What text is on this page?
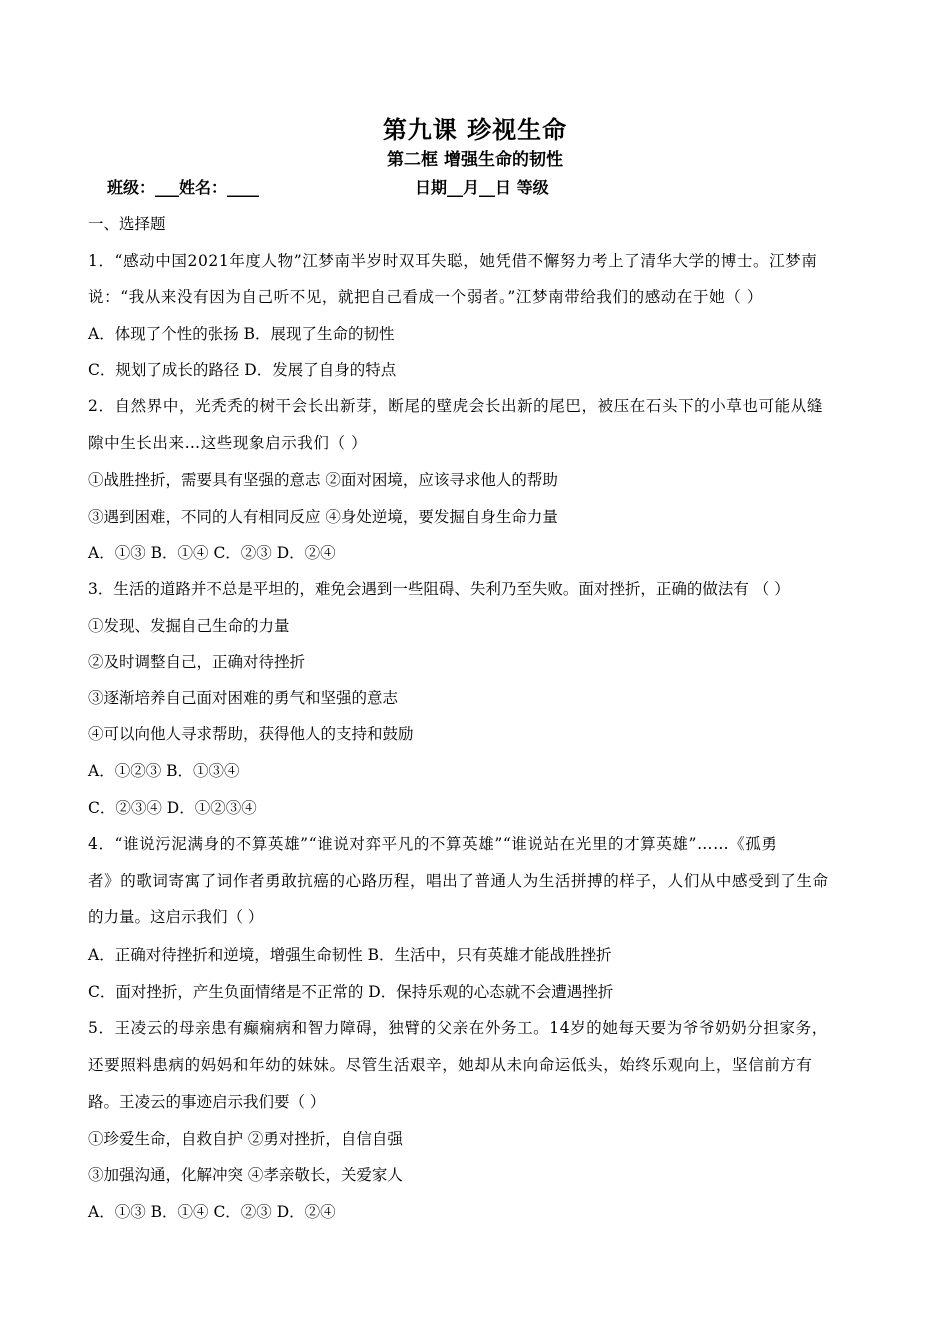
第九课 珍视生命
第二框 增强生命的韧性
班级：___姓名：____	日期__月__日 等级
一、选择题
1．“感动中国2021年度人物”江梦南半岁时双耳失聪，她凭借不懈努力考上了清华大学的博士。江梦南
说：“我从来没有因为自己听不见，就把自己看成一个弱者。”江梦南带给我们的感动在于她（ ）
A．体现了个性的张扬 B．展现了生命的韧性
C．规划了成长的路径 D．发展了自身的特点
2．自然界中，光秃秃的树干会长出新芽，断尾的壁虎会长出新的尾巴，被压在石头下的小草也可能从缝
隙中生长出来…这些现象启示我们（ ）
①战胜挫折，需要具有坚强的意志 ②面对困境，应该寻求他人的帮助
③遇到困难，不同的人有相同反应 ④身处逆境，要发掘自身生命力量
A．①③ B．①④ C．②③ D．②④
3．生活的道路并不总是平坦的，难免会遇到一些阻碍、失利乃至失败。面对挫折，正确的做法有 （ ）
①发现、发掘自己生命的力量
②及时调整自己，正确对待挫折
③逐渐培养自己面对困难的勇气和坚强的意志
④可以向他人寻求帮助，获得他人的支持和鼓励
A．①②③ B．①③④
C．②③④ D．①②③④
4．“谁说污泥满身的不算英雄”“谁说对弈平凡的不算英雄”“谁说站在光里的才算英雄”……《孤勇
者》的歌词寄寓了词作者勇敢抗癌的心路历程，唱出了普通人为生活拼搏的样子，人们从中感受到了生命
的力量。这启示我们（ ）
A．正确对待挫折和逆境，增强生命韧性 B．生活中，只有英雄才能战胜挫折
C．面对挫折，产生负面情绪是不正常的 D．保持乐观的心态就不会遭遇挫折
5．王凌云的母亲患有癫痫病和智力障碍，独臂的父亲在外务工。14岁的她每天要为爷爷奶奶分担家务，
还要照料患病的妈妈和年幼的妹妹。尽管生活艰辛，她却从未向命运低头，始终乐观向上，坚信前方有
路。王凌云的事迹启示我们要（ ）
①珍爱生命，自救自护 ②勇对挫折，自信自强
③加强沟通，化解冲突 ④孝亲敬长，关爱家人
A．①③ B．①④ C．②③ D．②④
